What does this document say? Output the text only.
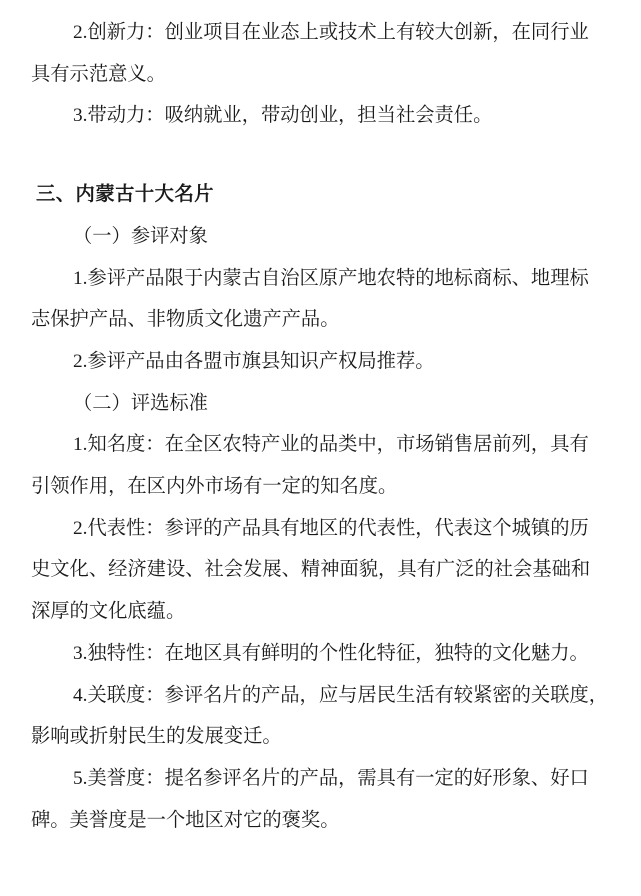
2.创新力：创业项目在业态上或技术上有较大创新，在同行业
具有示范意义。

3.带动力：吸纳就业，带动创业，担当社会责任。

三、内蒙古十大名片

（一）参评对象

1.参评产品限于内蒙古自治区原产地农特的地标商标、地理标
志保护产品、非物质文化遗产产品。

2.参评产品由各盟市旗县知识产权局推荐。

（二）评选标准

1.知名度：在全区农特产业的品类中，市场销售居前列，具有
引领作用，在区内外市场有一定的知名度。

2.代表性：参评的产品具有地区的代表性，代表这个城镇的历
史文化、经济建设、社会发展、精神面貌，具有广泛的社会基础和
深厚的文化底蕴。

3.独特性：在地区具有鲜明的个性化特征，独特的文化魅力。

4.关联度：参评名片的产品，应与居民生活有较紧密的关联度，
影响或折射民生的发展变迁。

5.美誉度：提名参评名片的产品，需具有一定的好形象、好口
碑。美誉度是一个地区对它的褒奖。
